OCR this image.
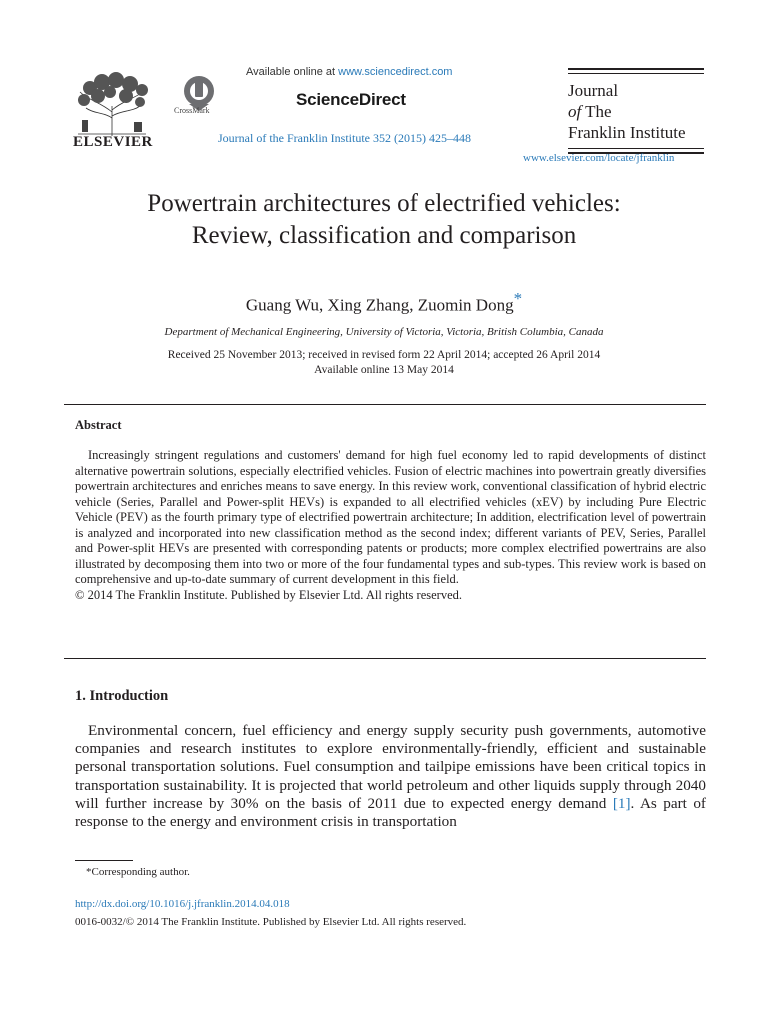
ELSEVIER
CrossMark
Available online at www.sciencedirect.com
ScienceDirect
Journal of the Franklin Institute 352 (2015) 425–448
Journal
of The
Franklin Institute
www.elsevier.com/locate/jfranklin
Powertrain architectures of electrified vehicles:
Review, classification and comparison
Guang Wu, Xing Zhang, Zuomin Dong*
Department of Mechanical Engineering, University of Victoria, Victoria, British Columbia, Canada
Received 25 November 2013; received in revised form 22 April 2014; accepted 26 April 2014
Available online 13 May 2014
Abstract

Increasingly stringent regulations and customers' demand for high fuel economy led to rapid developments of distinct alternative powertrain solutions, especially electrified vehicles. Fusion of electric machines into powertrain greatly diversifies powertrain architectures and enriches means to save energy. In this review work, conventional classification of hybrid electric vehicle (Series, Parallel and Power-split HEVs) is expanded to all electrified vehicles (xEV) by including Pure Electric Vehicle (PEV) as the fourth primary type of electrified powertrain architecture; In addition, electrification level of powertrain is analyzed and incorporated into new classification method as the second index; different variants of PEV, Series, Parallel and Power-split HEVs are presented with corresponding patents or products; more complex electrified powertrains are also illustrated by decomposing them into two or more of the four fundamental types and sub-types. This review work is based on comprehensive and up-to-date summary of current development in this field.

© 2014 The Franklin Institute. Published by Elsevier Ltd. All rights reserved.

1. Introduction

Environmental concern, fuel efficiency and energy supply security push governments, automotive companies and research institutes to explore environmentally-friendly, efficient and sustainable personal transportation solutions. Fuel consumption and tailpipe emissions have been critical topics in transportation sustainability. It is projected that world petroleum and other liquids supply through 2040 will further increase by 30% on the basis of 2011 due to expected energy demand [1]. As part of response to the energy and environment crisis in transportation

*Corresponding author.
http://dx.doi.org/10.1016/j.jfranklin.2014.04.018
0016-0032/© 2014 The Franklin Institute. Published by Elsevier Ltd. All rights reserved.
